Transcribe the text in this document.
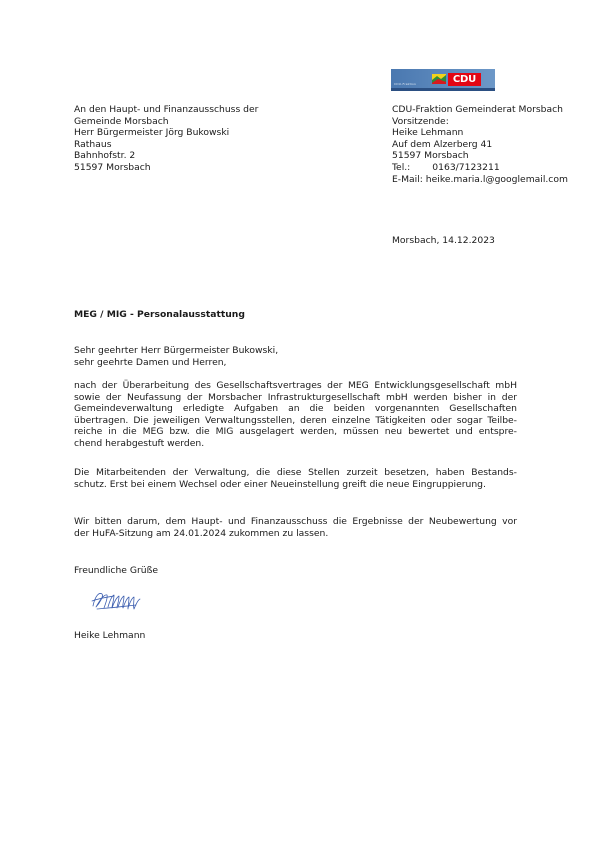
CDU-Fraktion	CDU
An den Haupt- und Finanzausschuss der
Gemeinde Morsbach
Herr Bürgermeister Jörg Bukowski
Rathaus
Bahnhofstr. 2
51597 Morsbach
CDU-Fraktion Gemeinderat Morsbach
Vorsitzende:
Heike Lehmann
Auf dem Alzerberg 41
51597 Morsbach
Tel.: 0163/7123211
E-Mail: heike.maria.l@googlemail.com
Morsbach, 14.12.2023
MEG / MIG - Personalausstattung
Sehr geehrter Herr Bürgermeister Bukowski,
sehr geehrte Damen und Herren,
nach der Überarbeitung des Gesellschaftsvertrages der MEG Entwicklungsgesellschaft mbH
sowie der Neufassung der Morsbacher Infrastrukturgesellschaft mbH werden bisher in der
Gemeindeverwaltung erledigte Aufgaben an die beiden vorgenannten Gesellschaften
übertragen. Die jeweiligen Verwaltungsstellen, deren einzelne Tätigkeiten oder sogar Teilbe-
reiche in die MEG bzw. die MIG ausgelagert werden, müssen neu bewertet und entspre-
chend herabgestuft werden.
Die Mitarbeitenden der Verwaltung, die diese Stellen zurzeit besetzen, haben Bestands-
schutz. Erst bei einem Wechsel oder einer Neueinstellung greift die neue Eingruppierung.
Wir bitten darum, dem Haupt- und Finanzausschuss die Ergebnisse der Neubewertung vor
der HuFA-Sitzung am 24.01.2024 zukommen zu lassen.
Freundliche Grüße
Heike Lehmann
